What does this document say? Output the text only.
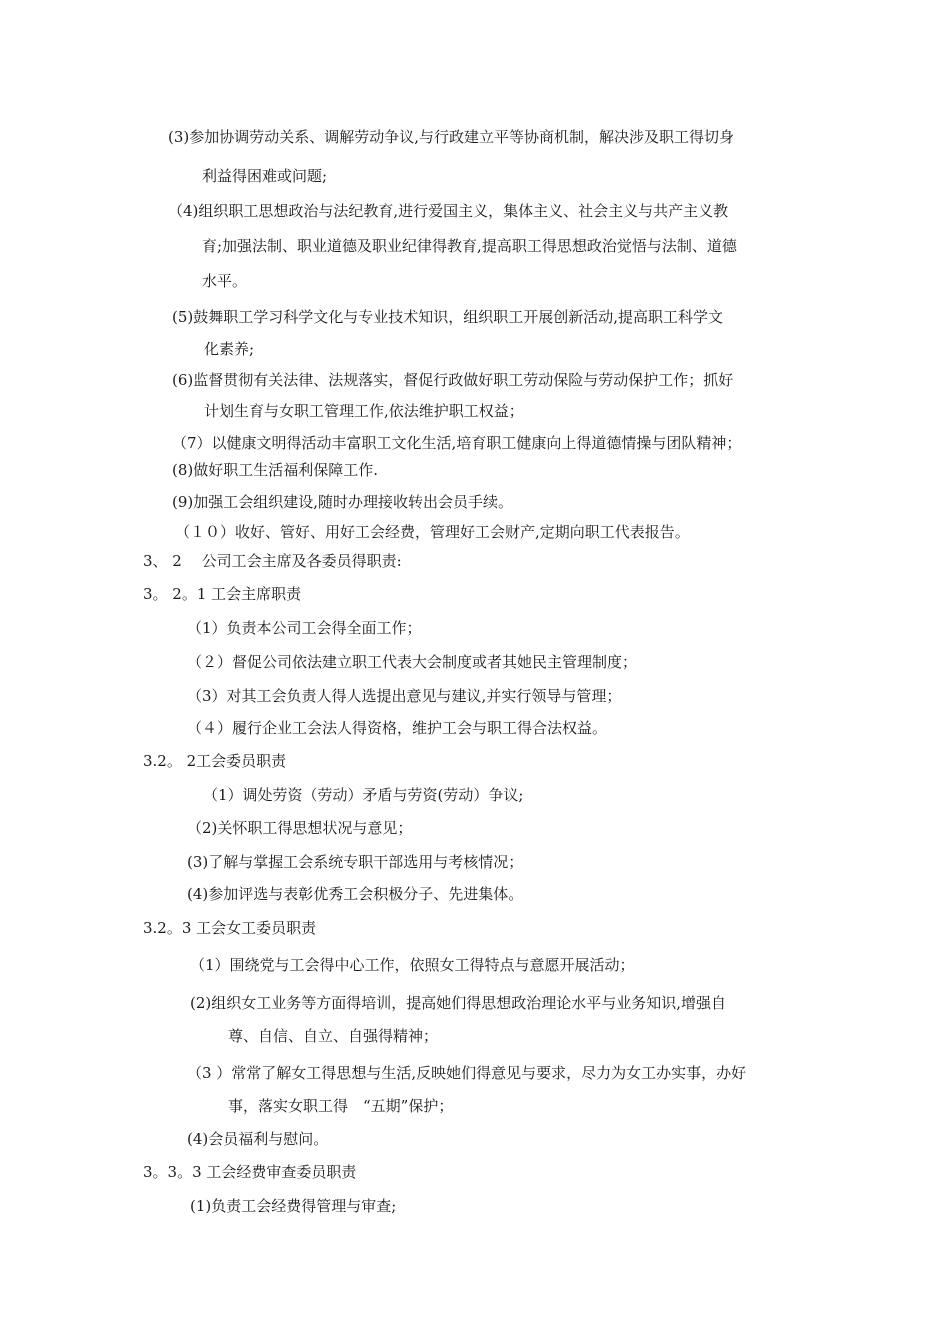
(3)参加协调劳动关系、调解劳动争议,与行政建立平等协商机制，解决涉及职工得切身
利益得困难或问题;
（4)组织职工思想政治与法纪教育,进行爱国主义，集体主义、社会主义与共产主义教
育;加强法制、职业道德及职业纪律得教育,提高职工得思想政治觉悟与法制、道德
水平。
(5)鼓舞职工学习科学文化与专业技术知识，组织职工开展创新活动,提高职工科学文
化素养;
(6)监督贯彻有关法律、法规落实，督促行政做好职工劳动保险与劳动保护工作；抓好
计划生育与女职工管理工作,依法维护职工权益；
（7）以健康文明得活动丰富职工文化生活,培育职工健康向上得道德情操与团队精神；
(8)做好职工生活福利保障工作.
(9)加强工会组织建设,随时办理接收转出会员手续。
（１０）收好、管好、用好工会经费，管理好工会财产,定期向职工代表报告。
3、 2　 公司工会主席及各委员得职责:
3。 2。1 工会主席职责
（1）负责本公司工会得全面工作；
（２）督促公司依法建立职工代表大会制度或者其她民主管理制度；
（3）对其工会负责人得人选提出意见与建议,并实行领导与管理；
（４）履行企业工会法人得资格，维护工会与职工得合法权益。
3.2。 2工会委员职责
（1）调处劳资（劳动）矛盾与劳资(劳动）争议;
（2)关怀职工得思想状况与意见；
(3)了解与掌握工会系统专职干部选用与考核情况；
(4)参加评选与表彰优秀工会积极分子、先进集体。
3.2。3 工会女工委员职责
（1）围绕党与工会得中心工作，依照女工得特点与意愿开展活动；
(2)组织女工业务等方面得培训，提高她们得思想政治理论水平与业务知识,增强自
尊、自信、自立、自强得精神；
（3 ）常常了解女工得思想与生活,反映她们得意见与要求，尽力为女工办实事，办好
事，落实女职工得　“五期”保护；
(4)会员福利与慰问。
3。3。3 工会经费审查委员职责
(1)负责工会经费得管理与审查;
